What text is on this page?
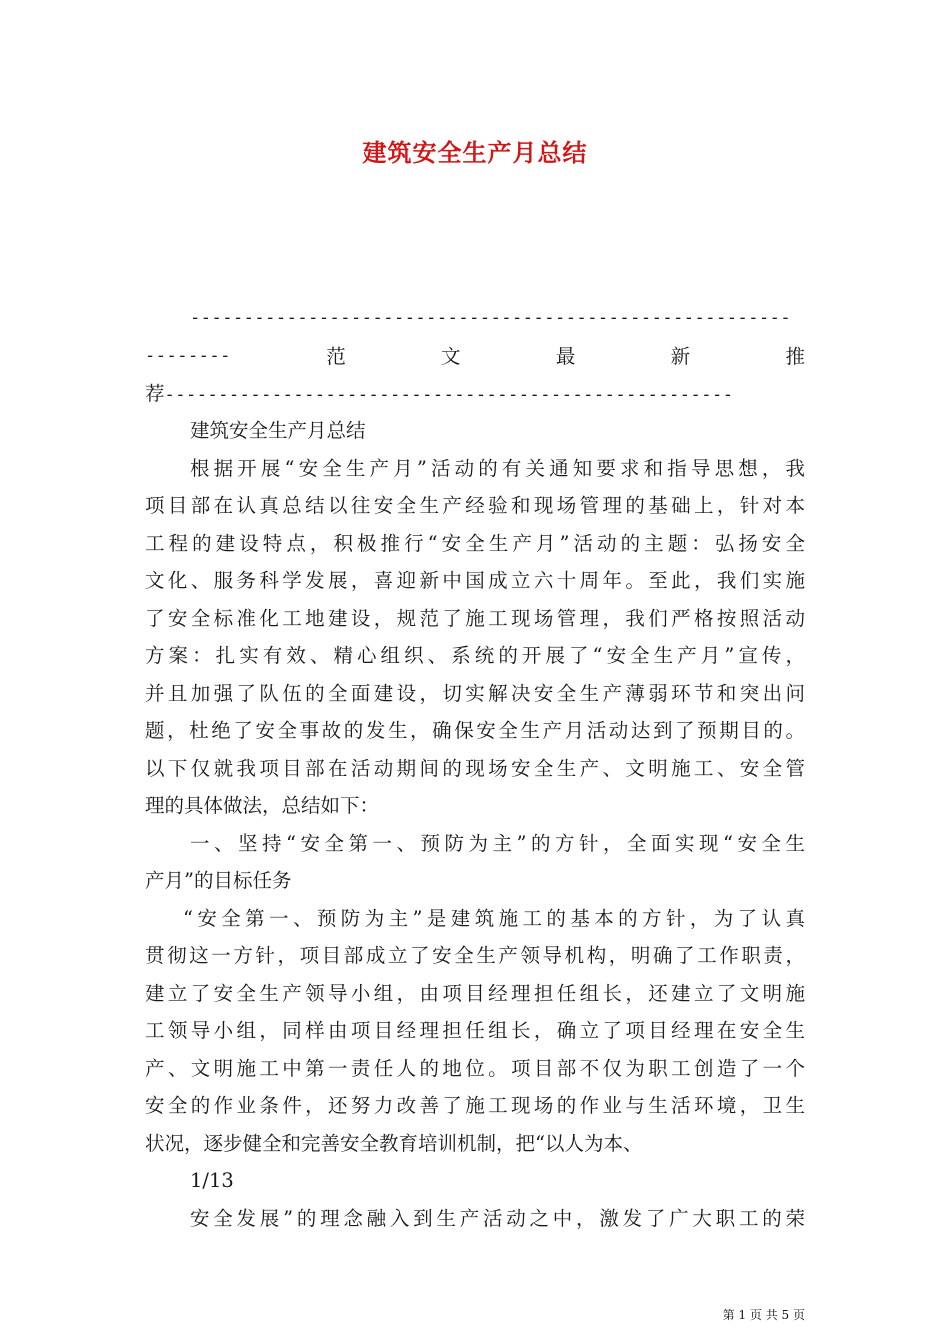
建筑安全生产月总结
--------------------------------------------------------
--------	范	文	最	新	推
荐-----------------------------------------------------
建筑安全生产月总结
根据开展“安全生产月”活动的有关通知要求和指导思想，我
项目部在认真总结以往安全生产经验和现场管理的基础上，针对本
工程的建设特点，积极推行“安全生产月”活动的主题：弘扬安全
文化、服务科学发展，喜迎新中国成立六十周年。至此，我们实施
了安全标准化工地建设，规范了施工现场管理，我们严格按照活动
方案：扎实有效、精心组织、系统的开展了“安全生产月”宣传，
并且加强了队伍的全面建设，切实解决安全生产薄弱环节和突出问
题，杜绝了安全事故的发生，确保安全生产月活动达到了预期目的。
以下仅就我项目部在活动期间的现场安全生产、文明施工、安全管
理的具体做法，总结如下：
一、坚持“安全第一、预防为主”的方针，全面实现“安全生
产月”的目标任务
“安全第一、预防为主”是建筑施工的基本的方针，为了认真
贯彻这一方针，项目部成立了安全生产领导机构，明确了工作职责，
建立了安全生产领导小组，由项目经理担任组长，还建立了文明施
工领导小组，同样由项目经理担任组长，确立了项目经理在安全生
产、文明施工中第一责任人的地位。项目部不仅为职工创造了一个
安全的作业条件，还努力改善了施工现场的作业与生活环境，卫生
状况，逐步健全和完善安全教育培训机制，把“以人为本、
1/13
安全发展”的理念融入到生产活动之中，激发了广大职工的荣
第 1 页 共 5 页
